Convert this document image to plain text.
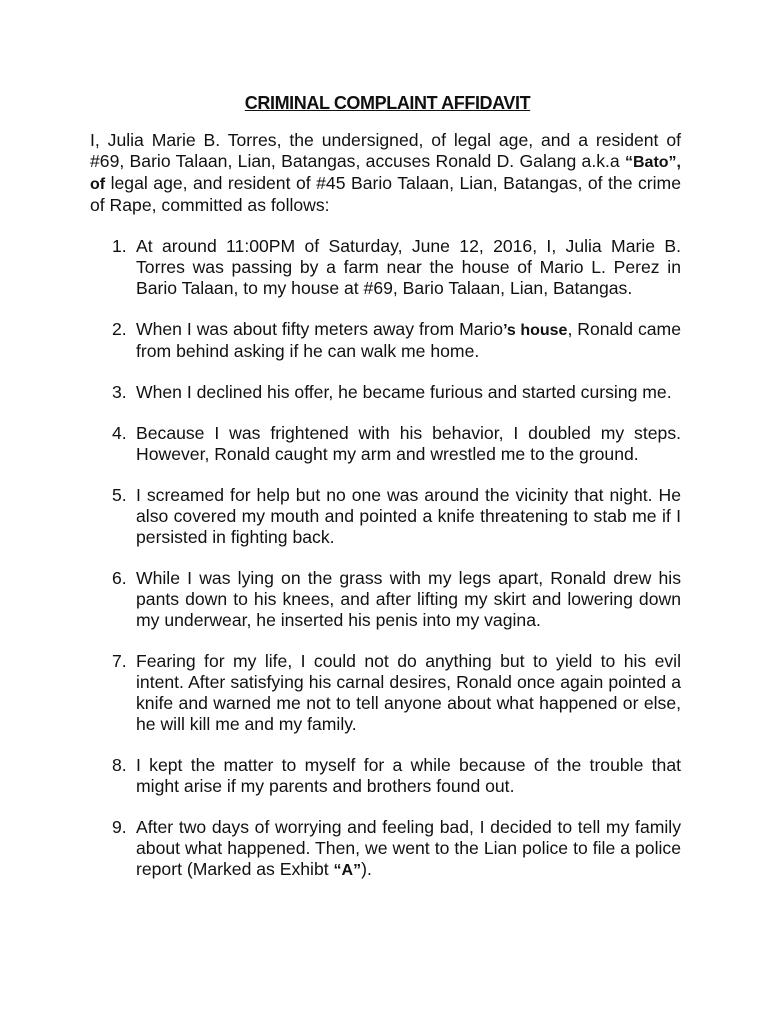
CRIMINAL COMPLAINT AFFIDAVIT

I, Julia Marie B. Torres, the undersigned, of legal age, and a resident of #69, Bario Talaan, Lian, Batangas, accuses Ronald D. Galang a.k.a “Bato”, of legal age, and resident of #45 Bario Talaan, Lian, Batangas, of the crime of Rape, committed as follows:

1. At around 11:00PM of Saturday, June 12, 2016, I, Julia Marie B. Torres was passing by a farm near the house of Mario L. Perez in Bario Talaan, to my house at #69, Bario Talaan, Lian, Batangas.
2. When I was about fifty meters away from Mario’s house, Ronald came from behind asking if he can walk me home.
3. When I declined his offer, he became furious and started cursing me.
4. Because I was frightened with his behavior, I doubled my steps. However, Ronald caught my arm and wrestled me to the ground.
5. I screamed for help but no one was around the vicinity that night. He also covered my mouth and pointed a knife threatening to stab me if I persisted in fighting back.
6. While I was lying on the grass with my legs apart, Ronald drew his pants down to his knees, and after lifting my skirt and lowering down my underwear, he inserted his penis into my vagina.
7. Fearing for my life, I could not do anything but to yield to his evil intent. After satisfying his carnal desires, Ronald once again pointed a knife and warned me not to tell anyone about what happened or else, he will kill me and my family.
8. I kept the matter to myself for a while because of the trouble that might arise if my parents and brothers found out.
9. After two days of worrying and feeling bad, I decided to tell my family about what happened. Then, we went to the Lian police to file a police report (Marked as Exhibt “A”).
